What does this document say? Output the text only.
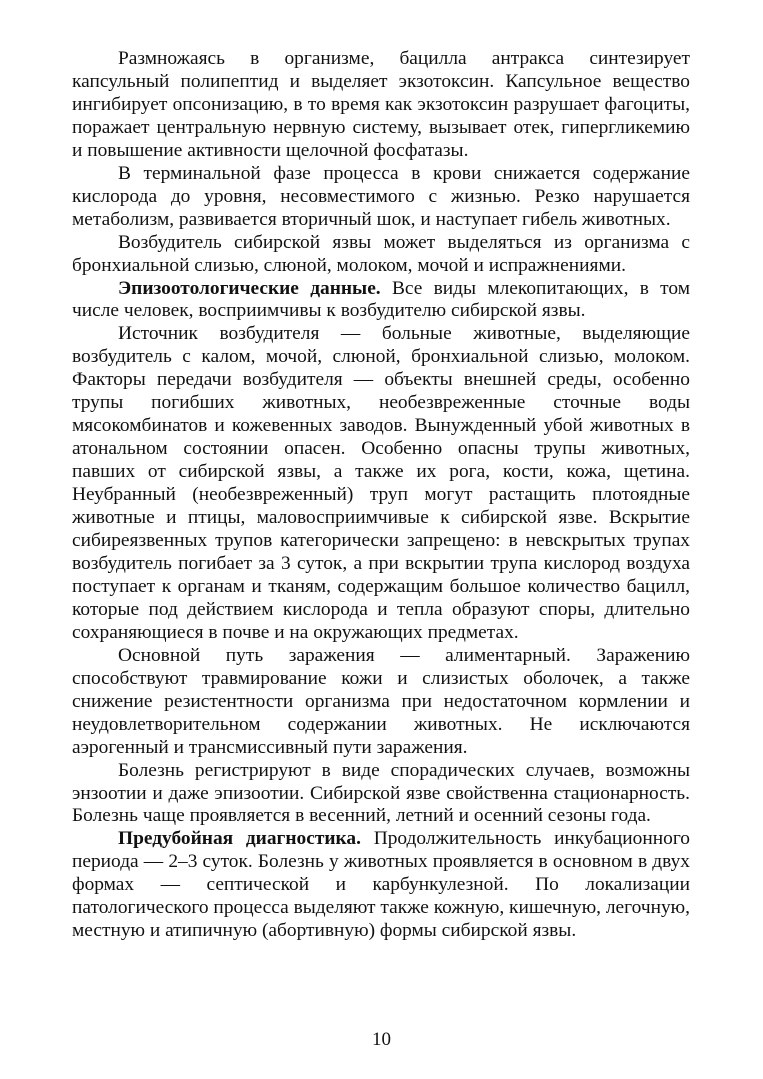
Размножаясь в организме, бацилла антракса синтезирует капсульный полипептид и выделяет экзотоксин. Капсульное вещество ингибирует опсонизацию, в то время как экзотоксин разрушает фагоциты, поражает центральную нервную систему, вызывает отек, гипергликемию и повышение активности щелочной фосфатазы.

В терминальной фазе процесса в крови снижается содержание кислорода до уровня, несовместимого с жизнью. Резко нарушается метаболизм, развивается вторичный шок, и наступает гибель животных.

Возбудитель сибирской язвы может выделяться из организма с бронхиальной слизью, слюной, молоком, мочой и испражнениями.

Эпизоотологические данные. Все виды млекопитающих, в том числе человек, восприимчивы к возбудителю сибирской язвы.

Источник возбудителя — больные животные, выделяющие возбудитель с калом, мочой, слюной, бронхиальной слизью, молоком. Факторы передачи возбудителя — объекты внешней среды, особенно трупы погибших животных, необезвреженные сточные воды мясокомбинатов и кожевенных заводов. Вынужденный убой животных в атональном состоянии опасен. Особенно опасны трупы животных, павших от сибирской язвы, а также их рога, кости, кожа, щетина. Неубранный (необезвреженный) труп могут растащить плотоядные животные и птицы, маловосприимчивые к сибирской язве. Вскрытие сибиреязвенных трупов категорически запрещено: в невскрытых трупах возбудитель погибает за 3 суток, а при вскрытии трупа кислород воздуха поступает к органам и тканям, содержащим большое количество бацилл, которые под действием кислорода и тепла образуют споры, длительно сохраняющиеся в почве и на окружающих предметах.

Основной путь заражения — алиментарный. Заражению способствуют травмирование кожи и слизистых оболочек, а также снижение резистентности организма при недостаточном кормлении и неудовлетворительном содержании животных. Не исключаются аэрогенный и трансмиссивный пути заражения.

Болезнь регистрируют в виде спорадических случаев, возможны энзоотии и даже эпизоотии. Сибирской язве свойственна стационарность. Болезнь чаще проявляется в весенний, летний и осенний сезоны года.

Предубойная диагностика. Продолжительность инкубационного периода — 2–3 суток. Болезнь у животных проявляется в основном в двух формах — септической и карбункулезной. По локализации патологического процесса выделяют также кожную, кишечную, легочную, местную и атипичную (абортивную) формы сибирской язвы.

10
